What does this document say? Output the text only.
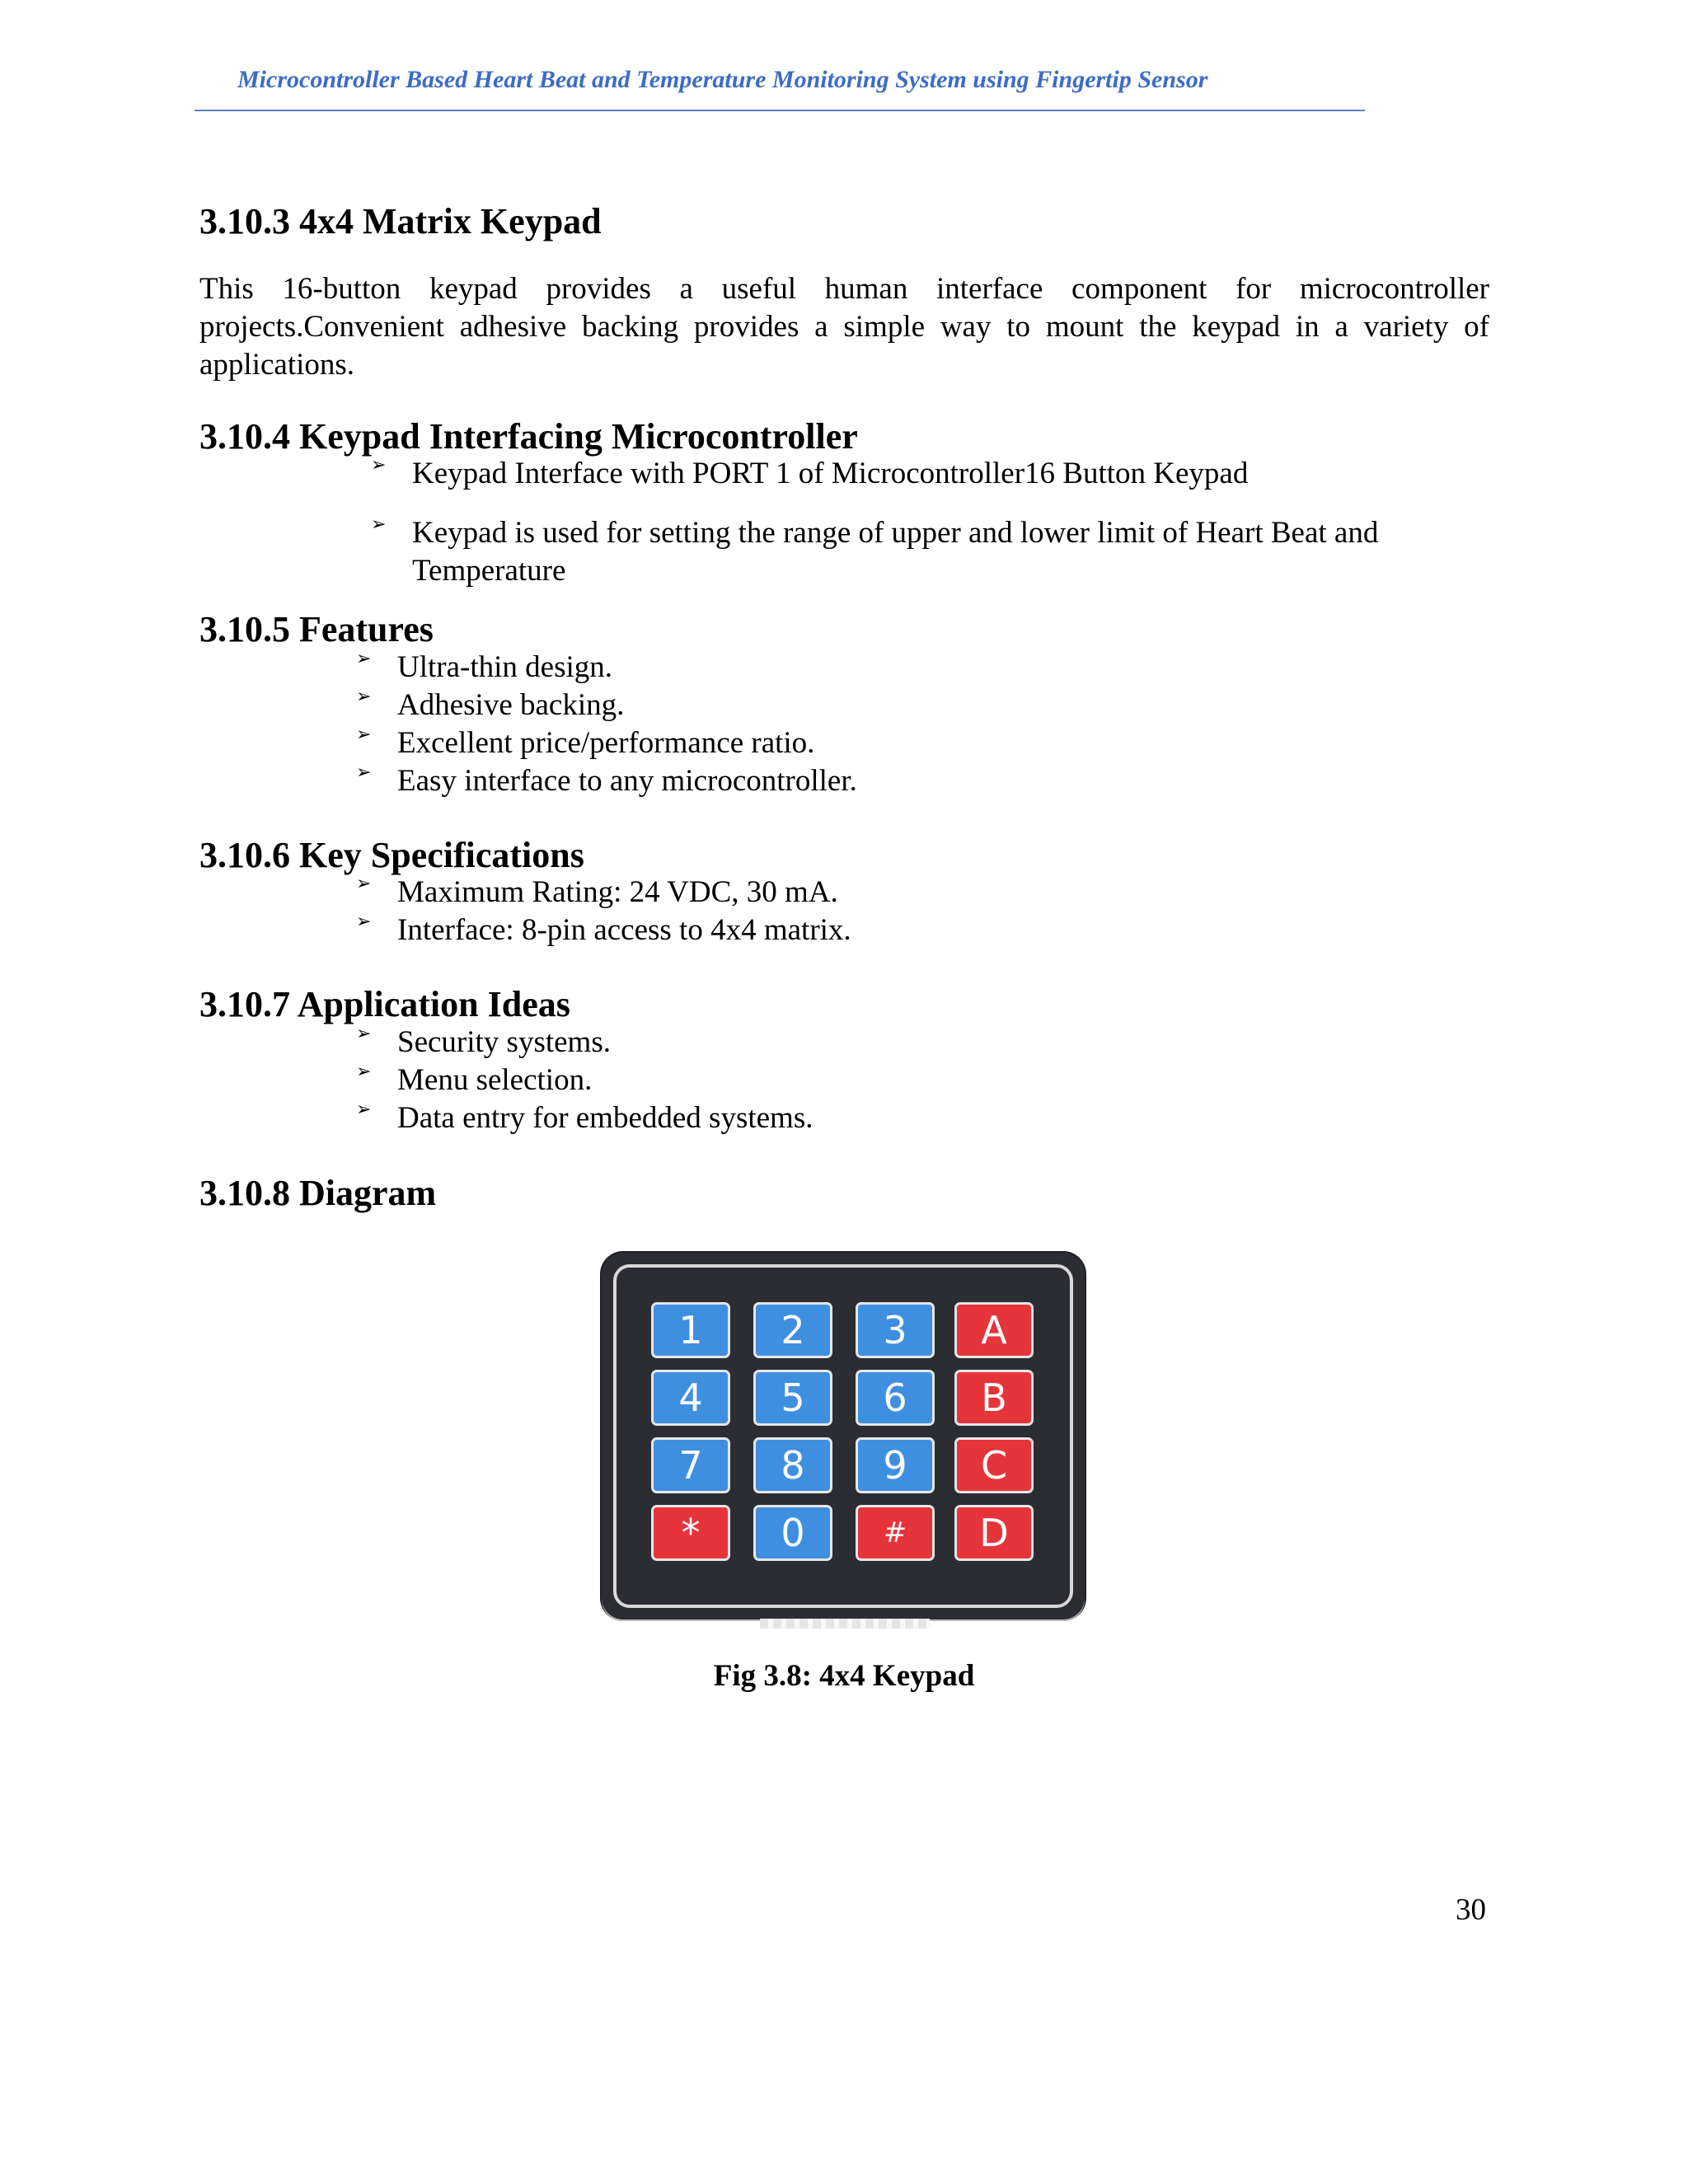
Microcontroller Based Heart Beat and Temperature Monitoring System using Fingertip Sensor
3.10.3 4x4 Matrix Keypad
This 16-button keypad provides a useful human interface component for microcontroller projects.Convenient adhesive backing provides a simple way to mount the keypad in a variety of applications.
3.10.4 Keypad Interfacing Microcontroller
➢ Keypad Interface with PORT 1 of Microcontroller16 Button Keypad
➢ Keypad is used for setting the range of upper and lower limit of Heart Beat and
Temperature
3.10.5 Features
➢ Ultra-thin design.
➢ Adhesive backing.
➢ Excellent price/performance ratio.
➢ Easy interface to any microcontroller.
3.10.6 Key Specifications
➢ Maximum Rating: 24 VDC, 30 mA.
➢ Interface: 8-pin access to 4x4 matrix.
3.10.7 Application Ideas
➢ Security systems.
➢ Menu selection.
➢ Data entry for embedded systems.
3.10.8 Diagram
1	2	3	A
4	5	6	B
7	8	9	C
*	0	#	D
Fig 3.8: 4x4 Keypad
30
